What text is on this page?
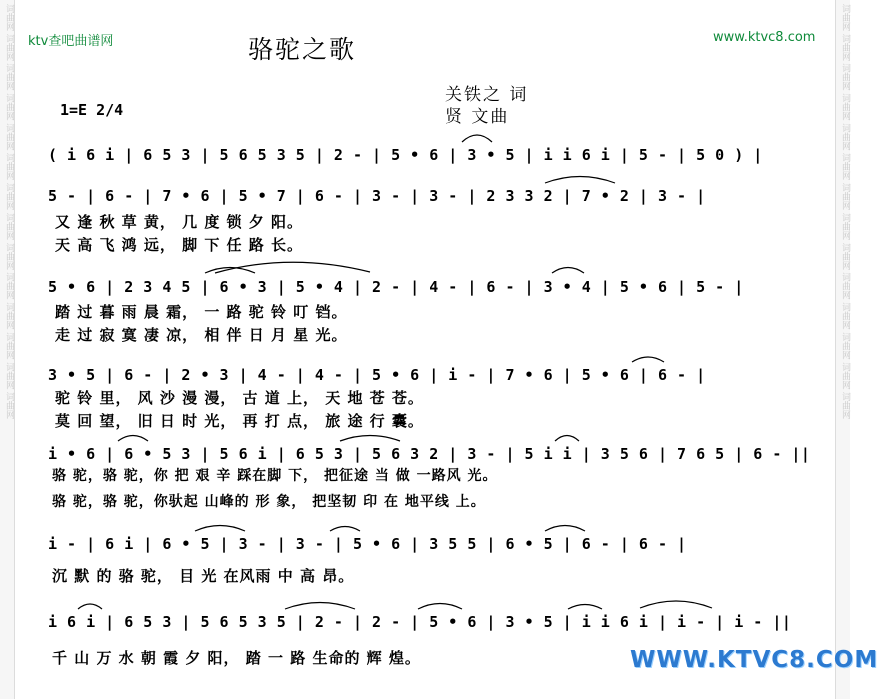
词曲网 词曲网 词曲网 词曲网 词曲网 词曲网 词曲网 词曲网 词曲网 词曲网 词曲网 词曲网 词曲网 词曲网	词曲网 词曲网 词曲网 词曲网 词曲网 词曲网 词曲网 词曲网 词曲网 词曲网 词曲网 词曲网 词曲网 词曲网
ktv查吧曲谱网	www.ktvc8.com
骆驼之歌
关铁之 词
贤 文曲
1=E 2/4
( i 6 i | 6 5 3 | 5 6 5 3 5 | 2 - | 5 • 6 | 3 • 5 | i i 6 i | 5 - | 5 0 ) |
5 - | 6 - | 7 • 6 | 5 • 7 | 6 - | 3 - | 3 - | 2 3 3 2 | 7 • 2 | 3 - |
又 逢 秋 草 黄， 几 度 锁 夕 阳。
天 高 飞 鸿 远， 脚 下 任 路 长。
5 • 6 | 2 3 4 5 | 6 • 3 | 5 • 4 | 2 - | 4 - | 6 - | 3 • 4 | 5 • 6 | 5 - |
踏 过 暮 雨 晨 霜， 一 路 驼 铃 叮 铛。
走 过 寂 寞 凄 凉， 相 伴 日 月 星 光。
3 • 5 | 6 - | 2 • 3 | 4 - | 4 - | 5 • 6 | i - | 7 • 6 | 5 • 6 | 6 - |
驼 铃 里， 风 沙 漫 漫， 古 道 上， 天 地 苍 苍。
莫 回 望， 旧 日 时 光， 再 打 点， 旅 途 行 囊。
i • 6 | 6 • 5 3 | 5 6 i | 6 5 3 | 5 6 3 2 | 3 - | 5 i i | 3 5 6 | 7 6 5 | 6 - ||
骆 驼，骆 驼，你 把 艰 辛 踩在脚 下， 把征途 当 做 一路风 光。
骆 驼，骆 驼，你驮起 山峰的 形 象， 把坚韧 印 在 地平线 上。
i - | 6 i | 6 • 5 | 3 - | 3 - | 5 • 6 | 3 5 5 | 6 • 5 | 6 - | 6 - |
沉 默 的 骆 驼， 目 光 在风雨 中 高 昂。
i 6 i | 6 5 3 | 5 6 5 3 5 | 2 - | 2 - | 5 • 6 | 3 • 5 | i i 6 i | i - | i - ||
千 山 万 水 朝 霞 夕 阳， 踏 一 路 生命的 辉 煌。	WWW.KTVC8.COM
